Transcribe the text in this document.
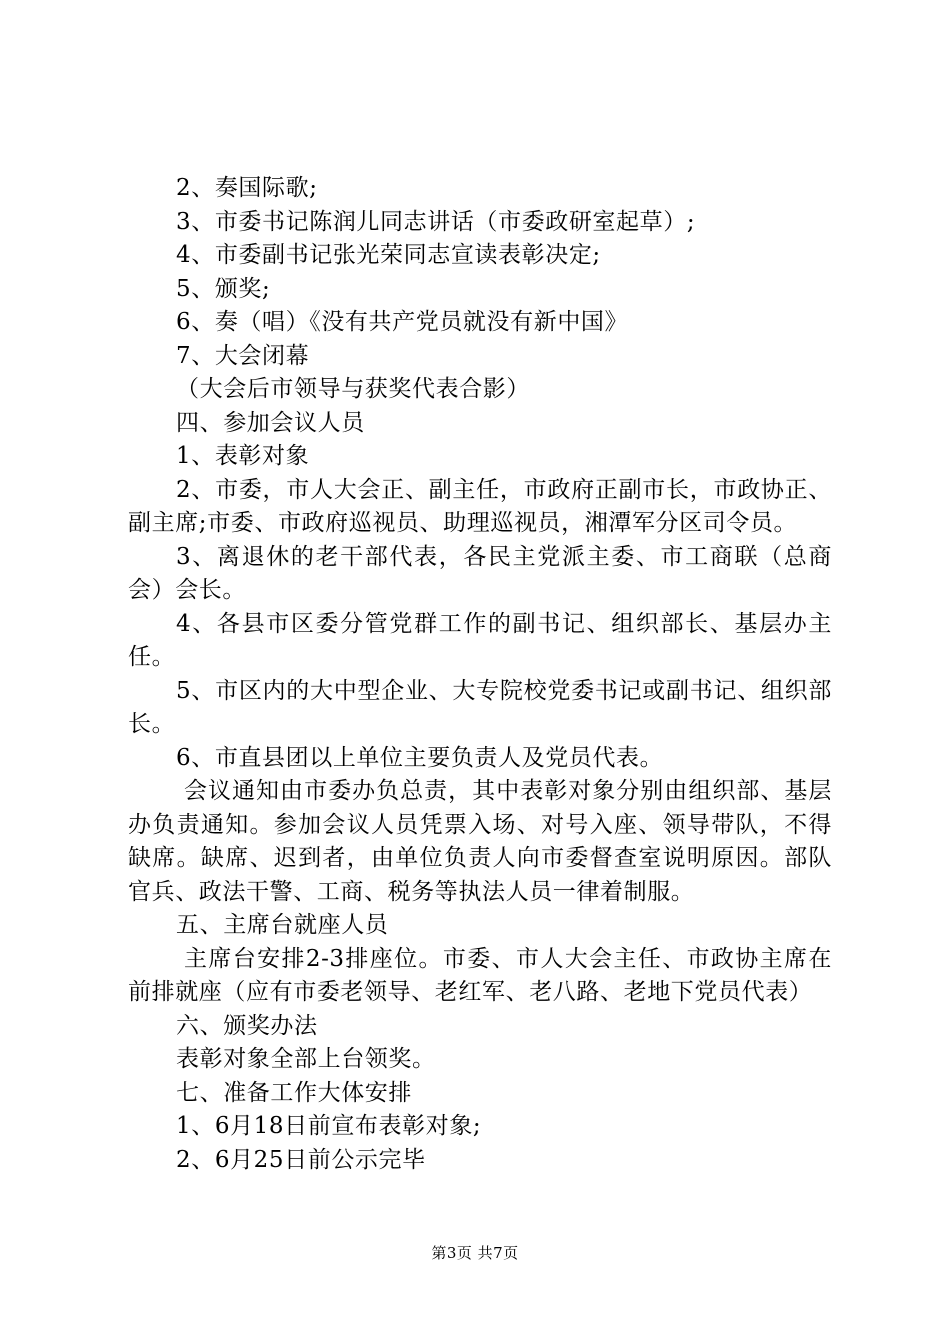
2、奏国际歌;
3、市委书记陈润儿同志讲话（市委政研室起草）;
4、市委副书记张光荣同志宣读表彰决定;
5、颁奖;
6、奏（唱）《没有共产党员就没有新中国》
7、大会闭幕
（大会后市领导与获奖代表合影）
四、参加会议人员
1、表彰对象
2、市委，市人大会正、副主任，市政府正副市长，市政协正、副主席;市委、市政府巡视员、助理巡视员，湘潭军分区司令员。
3、离退休的老干部代表，各民主党派主委、市工商联（总商会）会长。
4、各县市区委分管党群工作的副书记、组织部长、基层办主任。
5、市区内的大中型企业、大专院校党委书记或副书记、组织部长。
6、市直县团以上单位主要负责人及党员代表。
会议通知由市委办负总责，其中表彰对象分别由组织部、基层办负责通知。参加会议人员凭票入场、对号入座、领导带队，不得缺席。缺席、迟到者，由单位负责人向市委督查室说明原因。部队官兵、政法干警、工商、税务等执法人员一律着制服。
五、主席台就座人员
主席台安排2-3排座位。市委、市人大会主任、市政协主席在前排就座（应有市委老领导、老红军、老八路、老地下党员代表）
六、颁奖办法
表彰对象全部上台领奖。
七、准备工作大体安排
1、6月18日前宣布表彰对象;
2、6月25日前公示完毕
第3页 共7页
